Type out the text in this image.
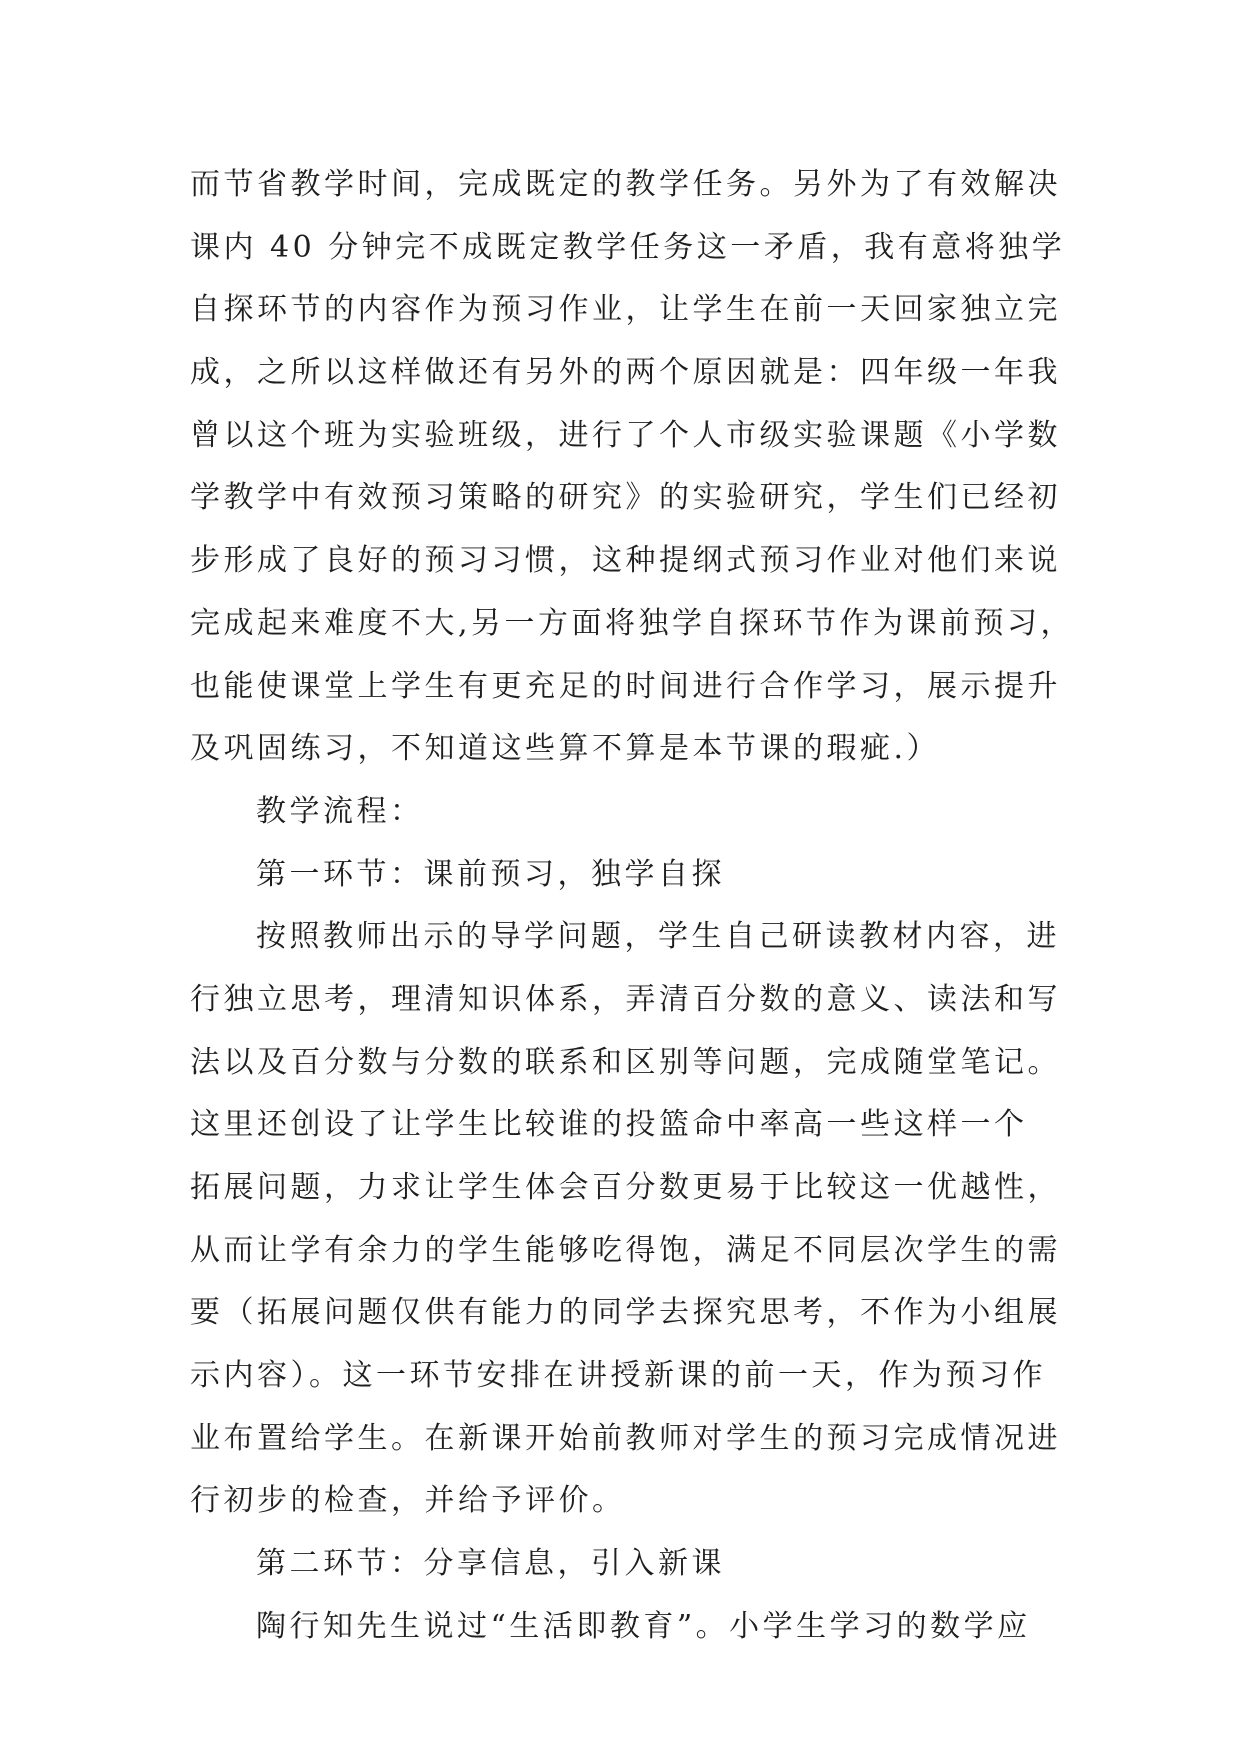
而节省教学时间，完成既定的教学任务。另外为了有效解决

课内 40 分钟完不成既定教学任务这一矛盾，我有意将独学

自探环节的内容作为预习作业，让学生在前一天回家独立完

成，之所以这样做还有另外的两个原因就是：四年级一年我

曾以这个班为实验班级，进行了个人市级实验课题《小学数

学教学中有效预习策略的研究》的实验研究，学生们已经初

步形成了良好的预习习惯，这种提纲式预习作业对他们来说

完成起来难度不大,另一方面将独学自探环节作为课前预习，

也能使课堂上学生有更充足的时间进行合作学习，展示提升

及巩固练习，不知道这些算不算是本节课的瑕疵.）

教学流程：

第一环节：课前预习，独学自探

按照教师出示的导学问题，学生自己研读教材内容，进

行独立思考，理清知识体系，弄清百分数的意义、读法和写

法以及百分数与分数的联系和区别等问题，完成随堂笔记。

这里还创设了让学生比较谁的投篮命中率高一些这样一个

拓展问题，力求让学生体会百分数更易于比较这一优越性，

从而让学有余力的学生能够吃得饱，满足不同层次学生的需

要（拓展问题仅供有能力的同学去探究思考，不作为小组展

示内容）。这一环节安排在讲授新课的前一天，作为预习作

业布置给学生。在新课开始前教师对学生的预习完成情况进

行初步的检查，并给予评价。

第二环节：分享信息，引入新课

陶行知先生说过“生活即教育”。小学生学习的数学应
